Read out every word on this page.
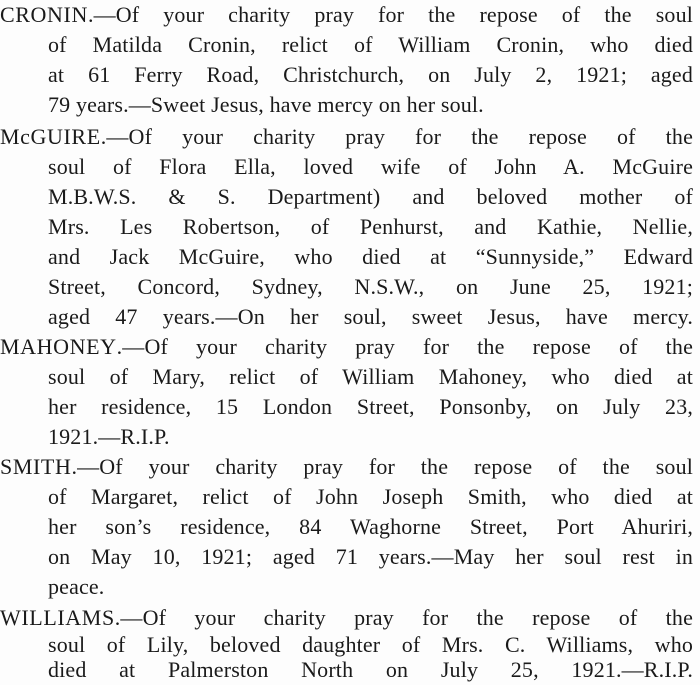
CRONIN.—Of your charity pray for the repose of the soul
of Matilda Cronin, relict of William Cronin, who died
at 61 Ferry Road, Christchurch, on July 2, 1921; aged
79 years.—Sweet Jesus, have mercy on her soul.
McGUIRE.—Of your charity pray for the repose of the
soul of Flora Ella, loved wife of John A. McGuire
M.B.W.S. & S. Department) and beloved mother of
Mrs. Les Robertson, of Penhurst, and Kathie, Nellie,
and Jack McGuire, who died at “Sunnyside,” Edward
Street, Concord, Sydney, N.S.W., on June 25, 1921;
aged 47 years.—On her soul, sweet Jesus, have mercy.
MAHONEY.—Of your charity pray for the repose of the
soul of Mary, relict of William Mahoney, who died at
her residence, 15 London Street, Ponsonby, on July 23,
1921.—R.I.P.
SMITH.—Of your charity pray for the repose of the soul
of Margaret, relict of John Joseph Smith, who died at
her son’s residence, 84 Waghorne Street, Port Ahuriri,
on May 10, 1921; aged 71 years.—May her soul rest in
peace.
WILLIAMS.—Of your charity pray for the repose of the
soul of Lily, beloved daughter of Mrs. C. Williams, who
died at Palmerston North on July 25, 1921.—R.I.P.
